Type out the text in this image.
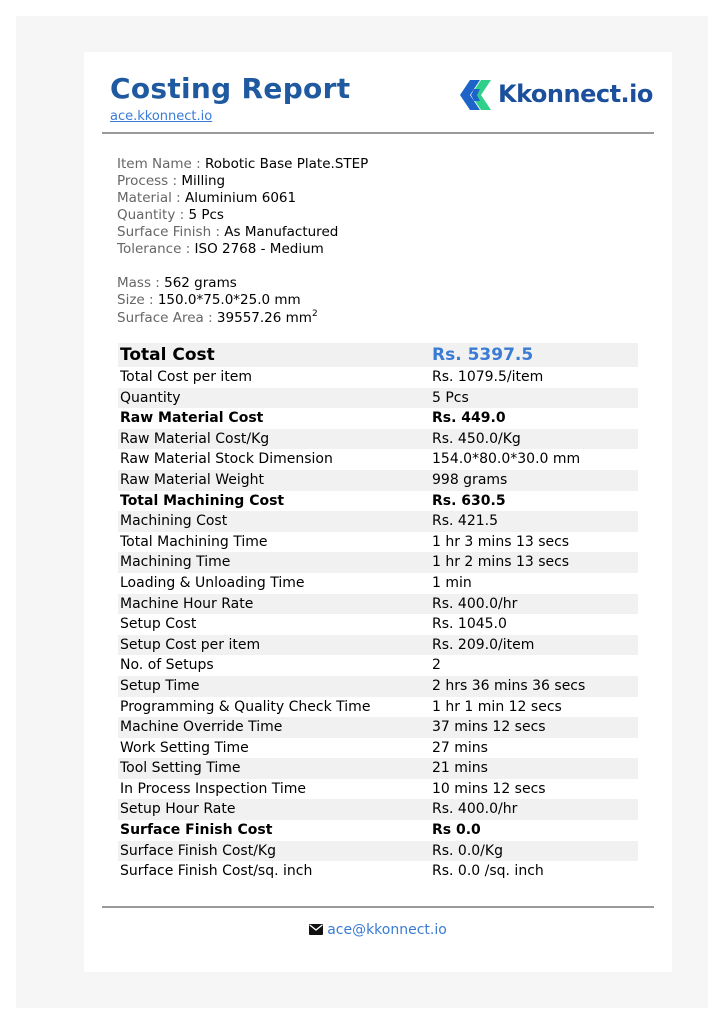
Costing Report
ace.kkonnect.io
Kkonnect.io
Item Name : Robotic Base Plate.STEP
Process : Milling
Material : Aluminium 6061
Quantity : 5 Pcs
Surface Finish : As Manufactured
Tolerance : ISO 2768 - Medium
Mass : 562 grams
Size : 150.0*75.0*25.0 mm
Surface Area : 39557.26 $mm^2$
Total Cost	Rs. 5397.5
Total Cost per item	Rs. 1079.5/item
Quantity	5 Pcs
Raw Material Cost	Rs. 449.0
Raw Material Cost/Kg	Rs. 450.0/Kg
Raw Material Stock Dimension	154.0*80.0*30.0 mm
Raw Material Weight	998 grams
Total Machining Cost	Rs. 630.5
Machining Cost	Rs. 421.5
Total Machining Time	1 hr 3 mins 13 secs
Machining Time	1 hr 2 mins 13 secs
Loading & Unloading Time	1 min
Machine Hour Rate	Rs. 400.0/hr
Setup Cost	Rs. 1045.0
Setup Cost per item	Rs. 209.0/item
No. of Setups	2
Setup Time	2 hrs 36 mins 36 secs
Programming & Quality Check Time	1 hr 1 min 12 secs
Machine Override Time	37 mins 12 secs
Work Setting Time	27 mins
Tool Setting Time	21 mins
In Process Inspection Time	10 mins 12 secs
Setup Hour Rate	Rs. 400.0/hr
Surface Finish Cost	Rs 0.0
Surface Finish Cost/Kg	Rs. 0.0/Kg
Surface Finish Cost/sq. inch	Rs. 0.0 /sq. inch
ace@kkonnect.io
